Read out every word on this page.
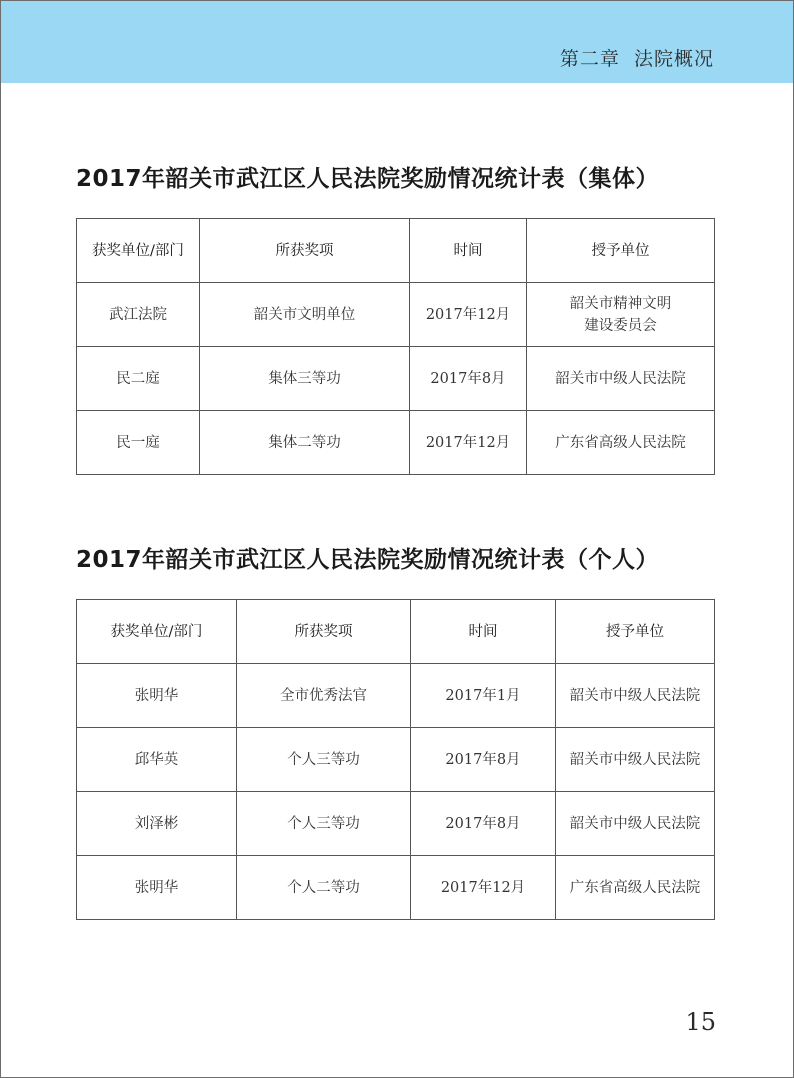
第二章 法院概况
2017年韶关市武江区人民法院奖励情况统计表（集体）
获奖单位/部门	所获奖项	时间	授予单位
武江法院	韶关市文明单位	2017年12月	韶关市精神文明
建设委员会
民二庭	集体三等功	2017年8月	韶关市中级人民法院
民一庭	集体二等功	2017年12月	广东省高级人民法院
2017年韶关市武江区人民法院奖励情况统计表（个人）
获奖单位/部门	所获奖项	时间	授予单位
张明华	全市优秀法官	2017年1月	韶关市中级人民法院
邱华英	个人三等功	2017年8月	韶关市中级人民法院
刘泽彬	个人三等功	2017年8月	韶关市中级人民法院
张明华	个人二等功	2017年12月	广东省高级人民法院
15
